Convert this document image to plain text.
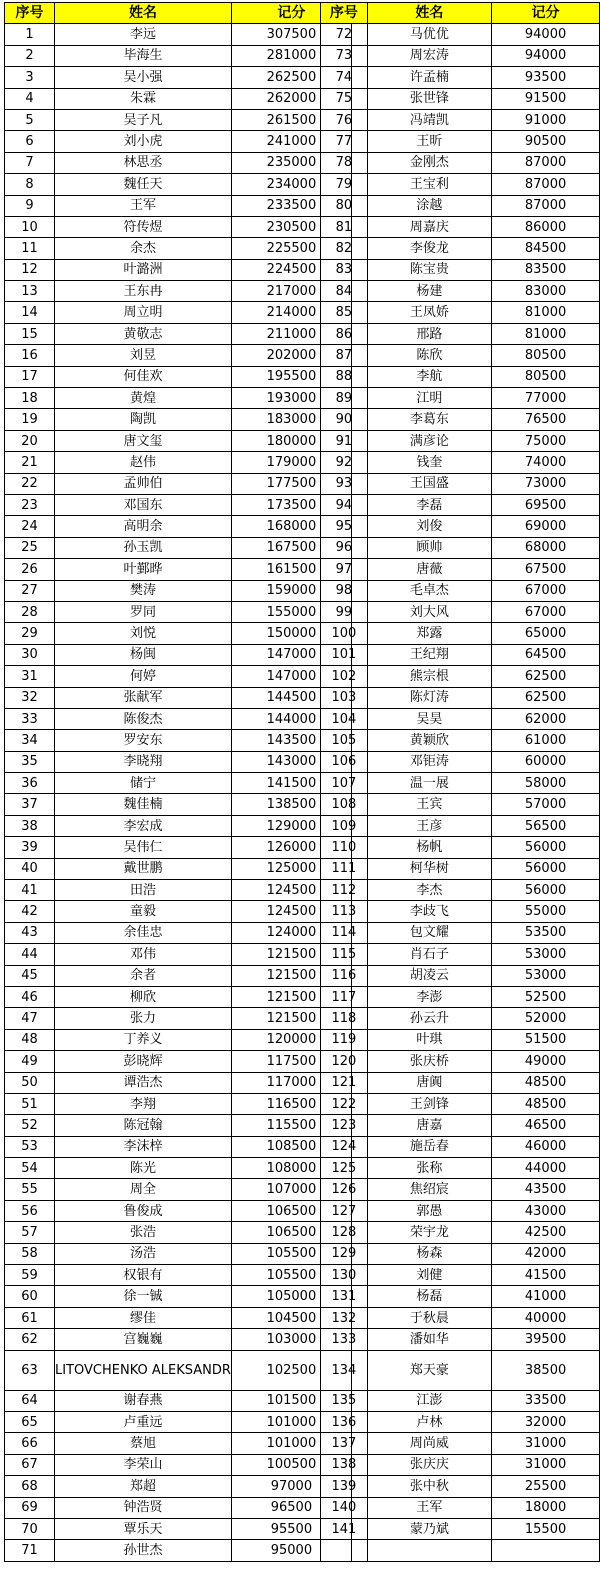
序号	姓名	记分
1	李远	307500
2	毕海生	281000
3	吴小强	262500
4	朱霖	262000
5	吴子凡	261500
6	刘小虎	241000
7	林思丞	235000
8	魏任天	234000
9	王军	233500
10	符传煜	230500
11	余杰	225500
12	叶潞洲	224500
13	王东冉	217000
14	周立明	214000
15	黄敬志	211000
16	刘昱	202000
17	何佳欢	195500
18	黄煌	193000
19	陶凯	183000
20	唐文玺	180000
21	赵伟	179000
22	孟帅伯	177500
23	邓国东	173500
24	高明余	168000
25	孙玉凯	167500
26	叶鄞晔	161500
27	樊涛	159000
28	罗同	155000
29	刘悦	150000
30	杨闽	147000
31	何婷	147000
32	张献军	144500
33	陈俊杰	144000
34	罗安东	143500
35	李晓翔	143000
36	储宁	141500
37	魏佳楠	138500
38	李宏成	129000
39	吴伟仁	126000
40	戴世鹏	125000
41	田浩	124500
42	童毅	124500
43	余佳忠	124000
44	邓伟	121500
45	余者	121500
46	柳欣	121500
47	张力	121500
48	丁养义	120000
49	彭晓辉	117500
50	谭浩杰	117000
51	李翔	116500
52	陈冠翰	115500
53	李沫梓	108500
54	陈光	108000
55	周全	107000
56	鲁俊成	106500
57	张浩	106500
58	汤浩	105500
59	权银有	105500
60	徐一铖	105000
61	缪佳	104500
62	宫巍巍	103000
63	LITOVCHENKO ALEKSANDR	102500
64	谢春燕	101500
65	卢重远	101000
66	蔡旭	101000
67	李荣山	100500
68	郑超	97000
69	钟浩贤	96500
70	覃乐天	95500
71	孙世杰	95000
序号	姓名	记分
72	马优优	94000
73	周宏涛	94000
74	许孟楠	93500
75	张世锋	91500
76	冯靖凯	91000
77	王昕	90500
78	金刚杰	87000
79	王宝利	87000
80	涂越	87000
81	周嘉庆	86000
82	李俊龙	84500
83	陈宝贵	83500
84	杨建	83000
85	王凤娇	81000
86	邢路	81000
87	陈欣	80500
88	李航	80500
89	江明	77000
90	李葛东	76500
91	满彦论	75000
92	钱奎	74000
93	王国盛	73000
94	李磊	69500
95	刘俊	69000
96	顾帅	68000
97	唐薇	67500
98	毛卓杰	67000
99	刘大风	67000
100	郑露	65000
101	王纪翔	64500
102	熊宗根	62500
103	陈灯涛	62500
104	吴昊	62000
105	黄颖欣	61000
106	邓钜涛	60000
107	温一展	58000
108	王宾	57000
109	王彦	56500
110	杨帆	56000
111	柯华树	56000
112	李杰	56000
113	李歧飞	55000
114	包文耀	53500
115	肖石子	53000
116	胡凌云	53000
117	李澎	52500
118	孙云升	52000
119	叶琪	51500
120	张庆桥	49000
121	唐阗	48500
122	王剑锋	48500
123	唐嘉	46500
124	施岳春	46000
125	张称	44000
126	焦绍宸	43500
127	郭愚	43000
128	荣宇龙	42500
129	杨森	42000
130	刘健	41500
131	杨磊	41000
132	于秋晨	40000
133	潘如华	39500
134	郑天豪	38500
135	江澎	33500
136	卢林	32000
137	周尚威	31000
138	张庆庆	31000
139	张中秋	25500
140	王军	18000
141	蒙乃斌	15500
